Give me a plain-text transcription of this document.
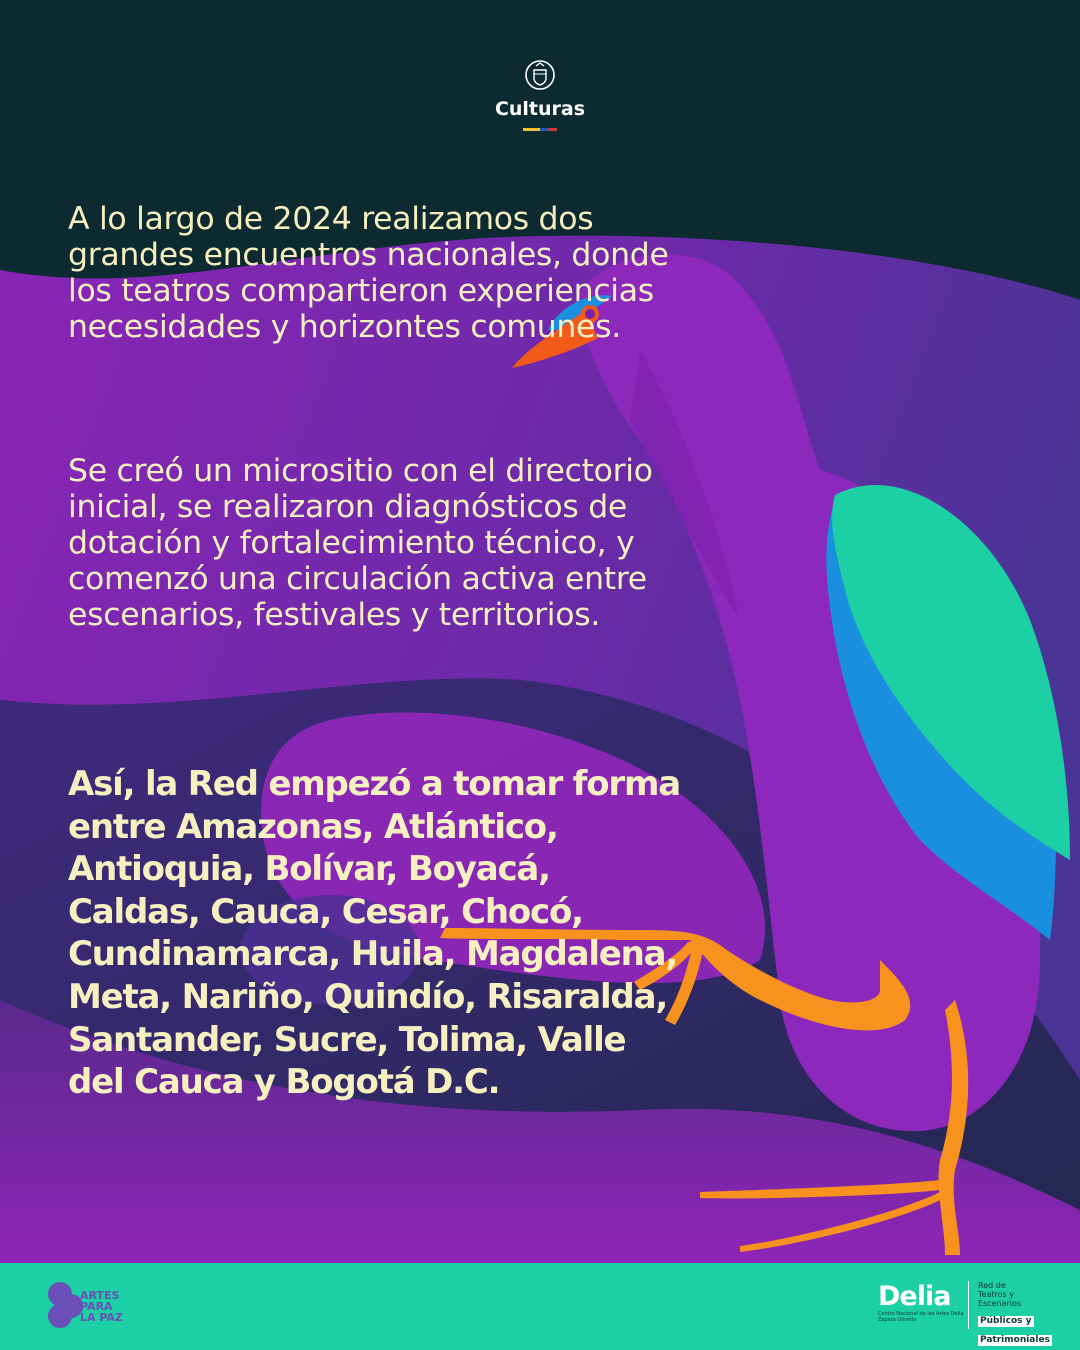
Culturas
A lo largo de 2024 realizamos dos grandes encuentros nacionales, donde los teatros compartieron experiencias necesidades y horizontes comunes.
Se creó un micrositio con el directorio inicial, se realizaron diagnósticos de dotación y fortalecimiento técnico, y comenzó una circulación activa entre escenarios, festivales y territorios.
Así, la Red empezó a tomar forma entre Amazonas, Atlántico, Antioquia, Bolívar, Boyacá, Caldas, Cauca, Cesar, Chocó, Cundinamarca, Huila, Magdalena, Meta, Nariño, Quindío, Risaralda, Santander, Sucre, Tolima, Valle del Cauca y Bogotá D.C.
ARTES
PARA
LA PAZ
Delia
Centro Nacional de las Artes Delia Zapata Olivella
Red de
Teatros y
Escenarios
Públicos y
Patrimoniales
